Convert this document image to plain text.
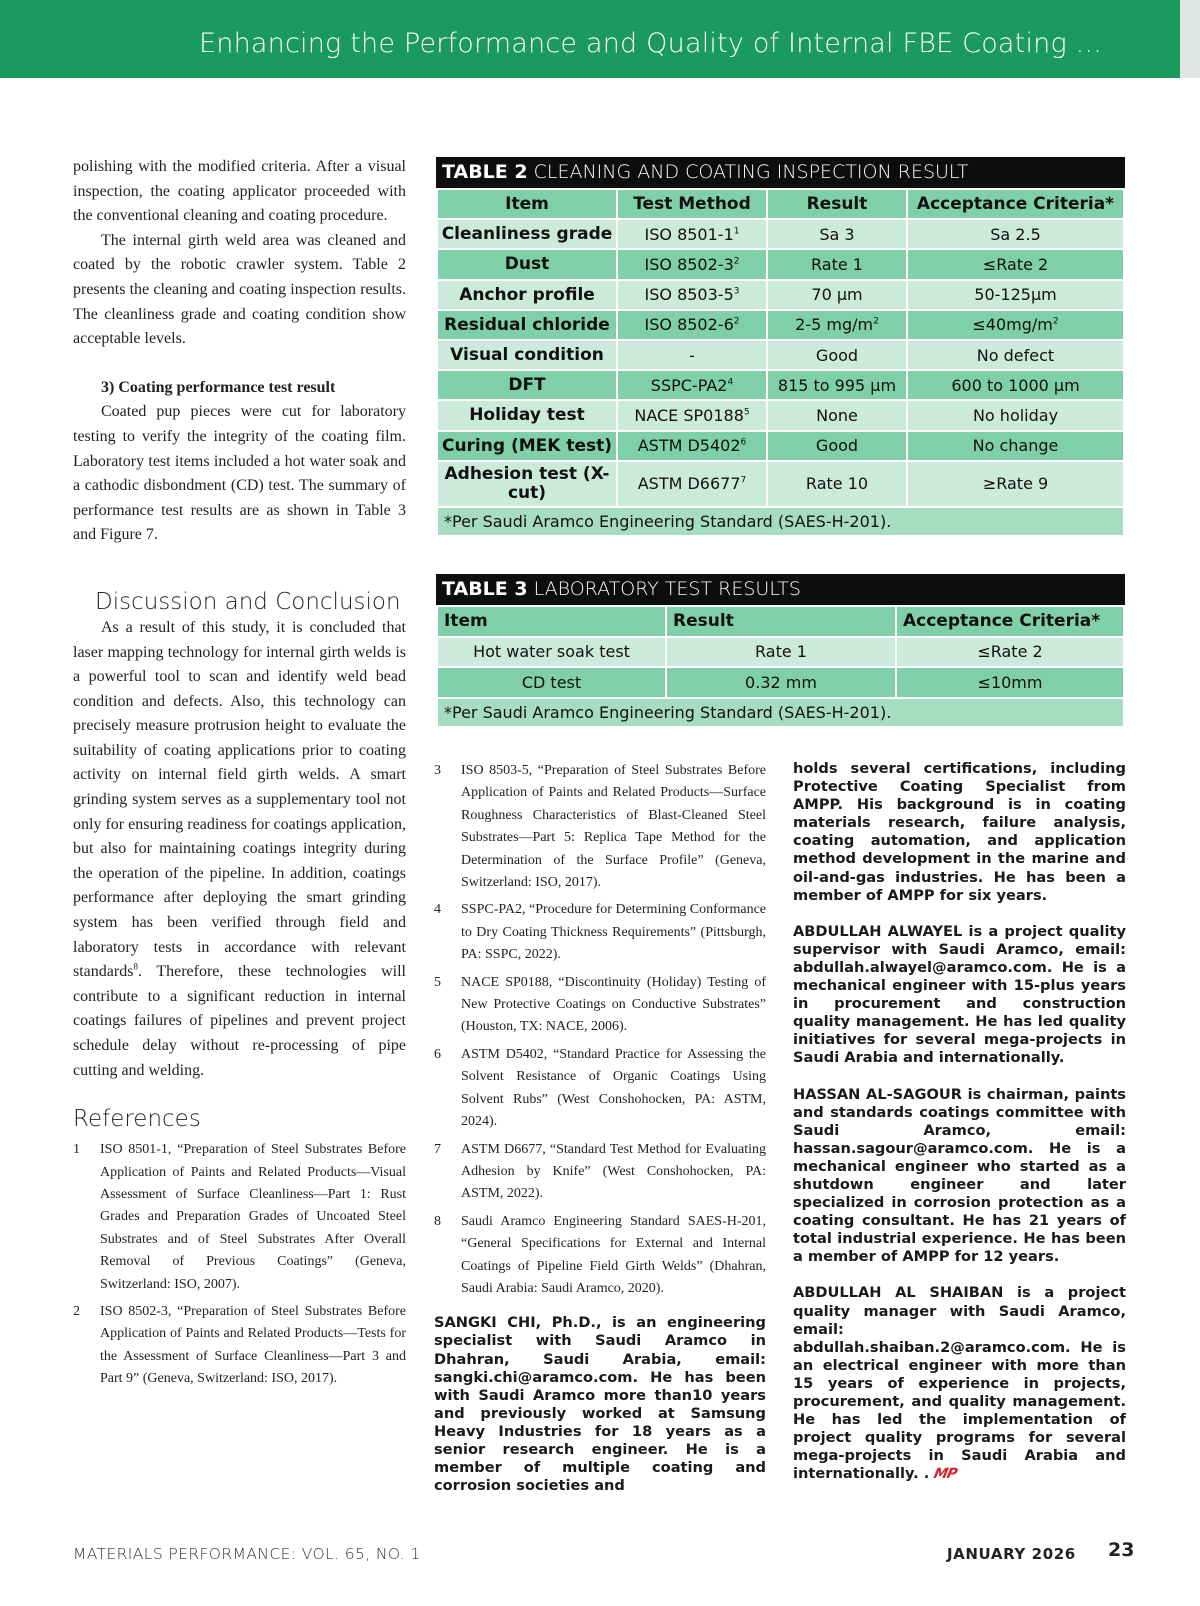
Enhancing the Performance and Quality of Internal FBE Coating ...

polishing with the modified criteria. After a visual inspection, the coating applicator proceeded with the conventional cleaning and coating procedure.

The internal girth weld area was cleaned and coated by the robotic crawler system. Table 2 presents the cleaning and coating inspection results. The cleanliness grade and coating condition show acceptable levels.

3) Coating performance test result

Coated pup pieces were cut for laboratory testing to verify the integrity of the coating film. Laboratory test items included a hot water soak and a cathodic disbondment (CD) test. The summary of performance test results are as shown in Table 3 and Figure 7.

Discussion and Conclusion

As a result of this study, it is concluded that laser mapping technology for internal girth welds is a powerful tool to scan and identify weld bead condition and defects. Also, this technology can precisely measure protrusion height to evaluate the suitability of coating applications prior to coating activity on internal field girth welds. A smart grinding system serves as a supplementary tool not only for ensuring readiness for coatings application, but also for maintaining coatings integrity during the operation of the pipeline. In addition, coatings performance after deploying the smart grinding system has been verified through field and laboratory tests in accordance with relevant standards$^8$. Therefore, these technologies will contribute to a significant reduction in internal coatings failures of pipelines and prevent project schedule delay without re-processing of pipe cutting and welding.

References
1 ISO 8501-1, “Preparation of Steel Substrates Before Application of Paints and Related Products—Visual Assessment of Surface Cleanliness—Part 1: Rust Grades and Preparation Grades of Uncoated Steel Substrates and of Steel Substrates After Overall Removal of Previous Coatings” (Geneva, Switzerland: ISO, 2007).
2 ISO 8502-3, “Preparation of Steel Substrates Before Application of Paints and Related Products—Tests for the Assessment of Surface Cleanliness—Part 3 and Part 9” (Geneva, Switzerland: ISO, 2017).
TABLE 2 CLEANING AND COATING INSPECTION RESULT
Item	Test Method	Result	Acceptance Criteria*
Cleanliness grade	ISO $8501-1^1$	Sa 3	Sa 2.5
Dust	ISO $8502-3^2$	Rate 1	≤Rate 2
Anchor profile	ISO $8503-5^3$	70 µm	50-125µm
Residual chloride	ISO $8502-6^2$	2-5 $mg/m^2$	$\le 40mg/m^2$
Visual condition	-	Good	No defect
DFT	SSPC-$PA2^4$	815 to 995 µm	600 to 1000 µm
Holiday test	NACE SP0188$^5$	None	No holiday
Curing (MEK test)	ASTM D5402$^6$	Good	No change
Adhesion test (X-cut)	ASTM D6677$^7$	Rate 10	≥Rate 9
*Per Saudi Aramco Engineering Standard (SAES-H-201).			
TABLE 3 LABORATORY TEST RESULTS
Item	Result	Acceptance Criteria*
Hot water soak test	Rate 1	≤Rate 2
CD test	0.32 mm	≤10mm
*Per Saudi Aramco Engineering Standard (SAES-H-201).		
3 ISO 8503-5, “Preparation of Steel Substrates Before Application of Paints and Related Products—Surface Roughness Characteristics of Blast-Cleaned Steel Substrates—Part 5: Replica Tape Method for the Determination of the Surface Profile” (Geneva, Switzerland: ISO, 2017).
4 SSPC-PA2, “Procedure for Determining Conformance to Dry Coating Thickness Requirements” (Pittsburgh, PA: SSPC, 2022).
5 NACE SP0188, “Discontinuity (Holiday) Testing of New Protective Coatings on Conductive Substrates” (Houston, TX: NACE, 2006).
6 ASTM D5402, “Standard Practice for Assessing the Solvent Resistance of Organic Coatings Using Solvent Rubs” (West Conshohocken, PA: ASTM, 2024).
7 ASTM D6677, “Standard Test Method for Evaluating Adhesion by Knife” (West Conshohocken, PA: ASTM, 2022).
8 Saudi Aramco Engineering Standard SAES-H-201, “General Specifications for External and Internal Coatings of Pipeline Field Girth Welds” (Dhahran, Saudi Arabia: Saudi Aramco, 2020).
SANGKI CHI, Ph.D., is an engineering specialist with Saudi Aramco in Dhahran, Saudi Arabia, email: sangki.chi@aramco.com. He has been with Saudi Aramco more than10 years and previously worked at Samsung Heavy Industries for 18 years as a senior research engineer. He is a member of multiple coating and corrosion societies and
holds several certifications, including Protective Coating Specialist from AMPP. His background is in coating materials research, failure analysis, coating automation, and application method development in the marine and oil-and-gas industries. He has been a member of AMPP for six years.
ABDULLAH ALWAYEL is a project quality supervisor with Saudi Aramco, email: abdullah.alwayel@aramco.com. He is a mechanical engineer with 15-plus years in procurement and construction quality management. He has led quality initiatives for several mega-projects in Saudi Arabia and internationally.
HASSAN AL-SAGOUR is chairman, paints and standards coatings committee with Saudi Aramco, email: hassan.sagour@aramco.com. He is a mechanical engineer who started as a shutdown engineer and later specialized in corrosion protection as a coating consultant. He has 21 years of total industrial experience. He has been a member of AMPP for 12 years.
ABDULLAH AL SHAIBAN is a project quality manager with Saudi Aramco, email: abdullah.shaiban.2@aramco.com. He is an electrical engineer with more than 15 years of experience in projects, procurement, and quality management. He has led the implementation of project quality programs for several mega-projects in Saudi Arabia and internationally. . MP
MATERIALS PERFORMANCE: VOL. 65, NO. 1	JANUARY 2026 23
